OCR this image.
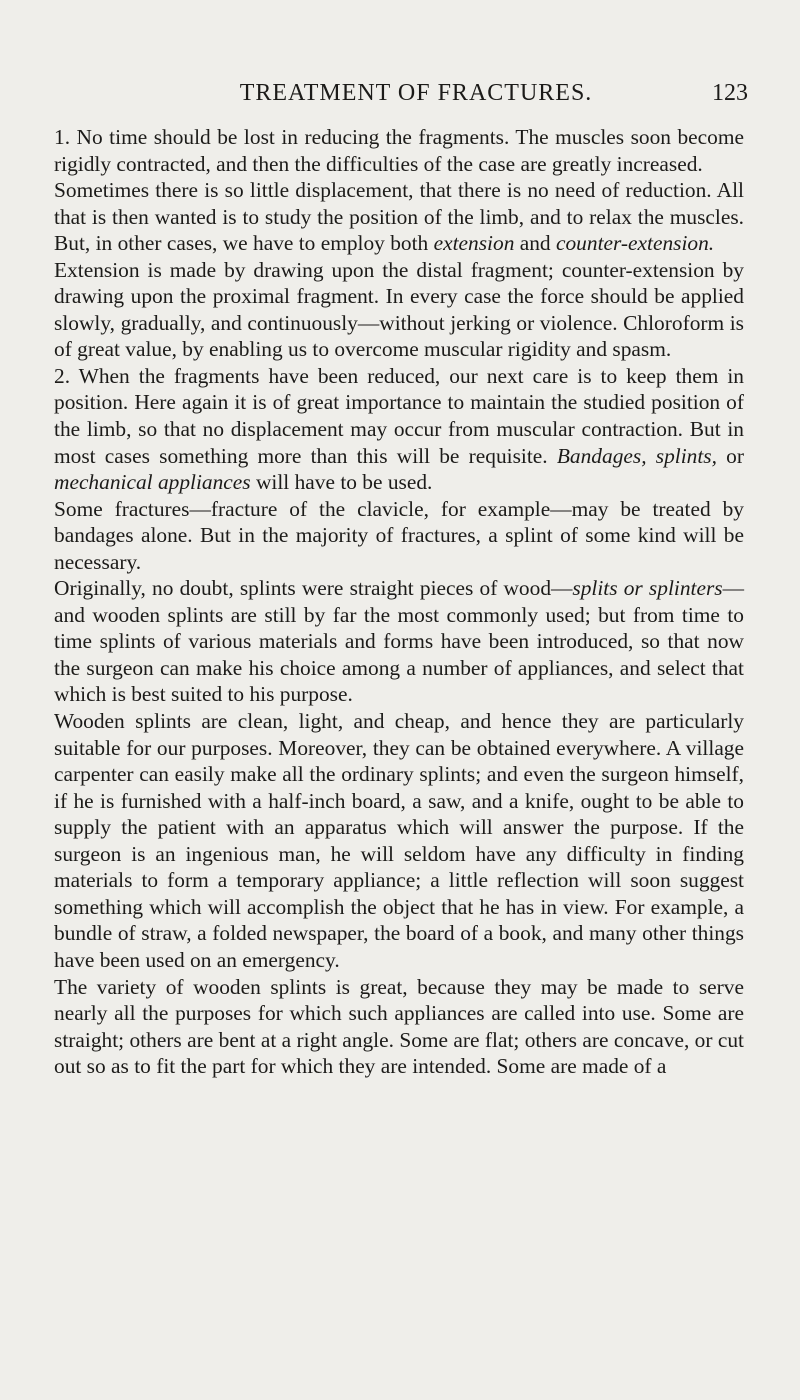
TREATMENT OF FRACTURES.	123

1. No time should be lost in reducing the fragments. The muscles soon become rigidly contracted, and then the difficulties of the case are greatly increased.

Sometimes there is so little displacement, that there is no need of reduction. All that is then wanted is to study the position of the limb, and to relax the muscles. But, in other cases, we have to employ both extension and counter-extension.

Extension is made by drawing upon the distal fragment; counter-extension by drawing upon the proximal fragment. In every case the force should be applied slowly, gradually, and continuously—without jerking or violence. Chloroform is of great value, by enabling us to overcome muscular rigidity and spasm.

2. When the fragments have been reduced, our next care is to keep them in position. Here again it is of great importance to maintain the studied position of the limb, so that no displacement may occur from muscular contraction. But in most cases something more than this will be requisite. Bandages, splints, or mechanical appliances will have to be used.

Some fractures—fracture of the clavicle, for example—may be treated by bandages alone. But in the majority of fractures, a splint of some kind will be necessary.

Originally, no doubt, splints were straight pieces of wood—splits or splinters—and wooden splints are still by far the most commonly used; but from time to time splints of various materials and forms have been introduced, so that now the surgeon can make his choice among a number of appliances, and select that which is best suited to his purpose.

Wooden splints are clean, light, and cheap, and hence they are particularly suitable for our purposes. Moreover, they can be obtained everywhere. A village carpenter can easily make all the ordinary splints; and even the surgeon himself, if he is furnished with a half-inch board, a saw, and a knife, ought to be able to supply the patient with an apparatus which will answer the purpose. If the surgeon is an ingenious man, he will seldom have any difficulty in finding materials to form a temporary appliance; a little reflection will soon suggest something which will accomplish the object that he has in view. For example, a bundle of straw, a folded newspaper, the board of a book, and many other things have been used on an emergency.

The variety of wooden splints is great, because they may be made to serve nearly all the purposes for which such appliances are called into use. Some are straight; others are bent at a right angle. Some are flat; others are concave, or cut out so as to fit the part for which they are intended. Some are made of a
